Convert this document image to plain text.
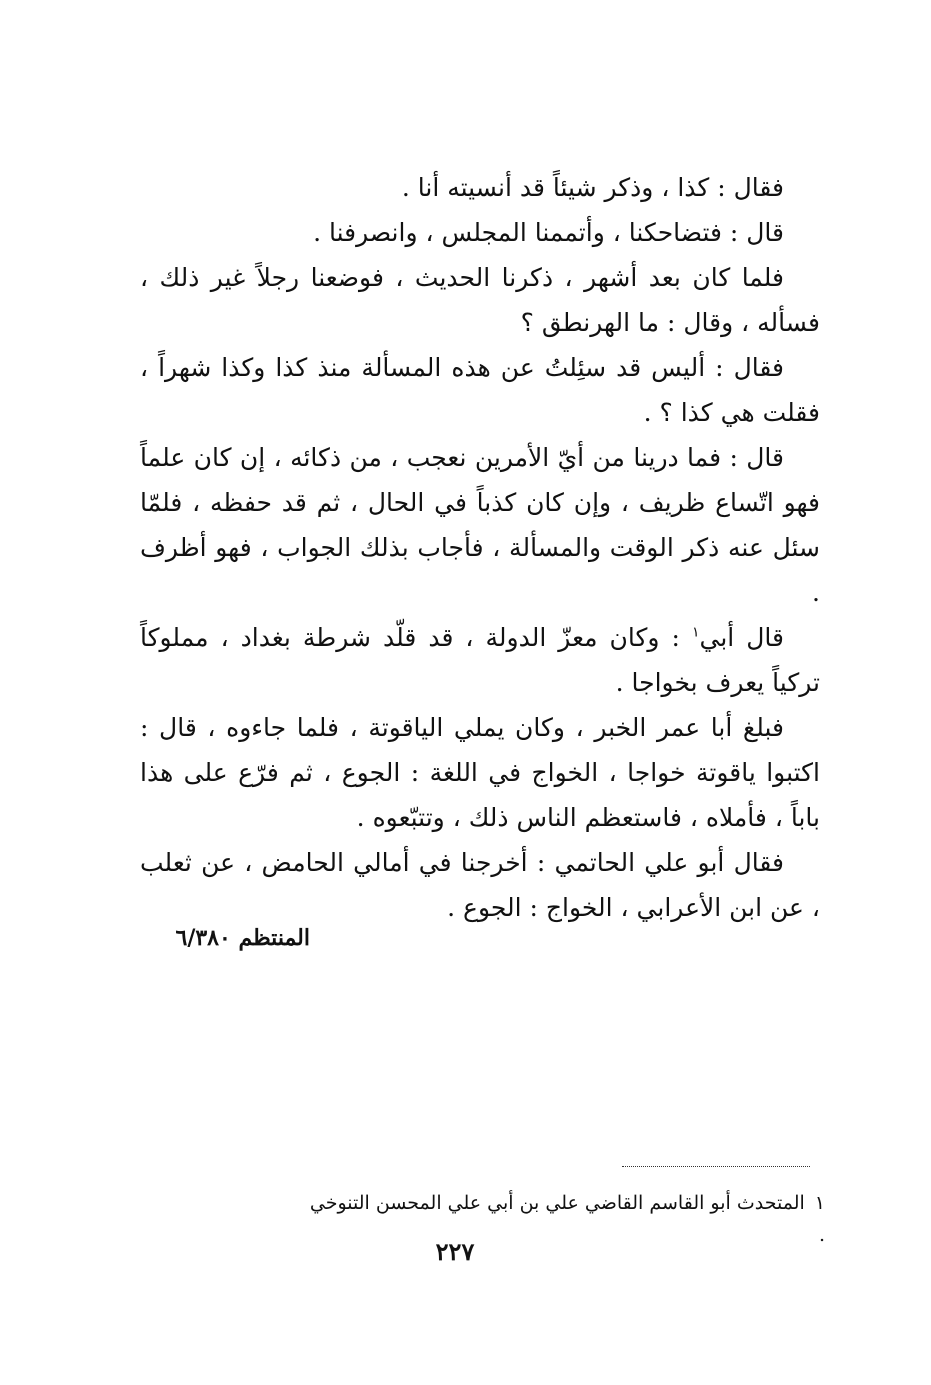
فقال : كذا ، وذكر شيئاً قد أنسيته أنا .

قال : فتضاحكنا ، وأتممنا المجلس ، وانصرفنا .

فلما كان بعد أشهر ، ذكرنا الحديث ، فوضعنا رجلاً غير ذلك ، فسأله ، وقال : ما الهرنطق ؟

فقال : أليس قد سئِلتُ عن هذه المسألة منذ كذا وكذا شهراً ، فقلت هي كذا ؟ .

قال : فما درينا من أيّ الأمرين نعجب ، من ذكائه ، إن كان علماً فهو اتّساع ظريف ، وإن كان كذباً في الحال ، ثم قد حفظه ، فلمّا سئل عنه ذكر الوقت والمسألة ، فأجاب بذلك الجواب ، فهو أظرف .

قال أبي$^١$ : وكان معزّ الدولة ، قد قلّد شرطة بغداد ، مملوكاً تركياً يعرف بخواجا .

فبلغ أبا عمر الخبر ، وكان يملي الياقوتة ، فلما جاءوه ، قال : اكتبوا ياقوتة خواجا ، الخواج في اللغة : الجوع ، ثم فرّع على هذا باباً ، فأملاه ، فاستعظم الناس ذلك ، وتتبّعوه .

فقال أبو علي الحاتمي : أخرجنا في أمالي الحامض ، عن ثعلب ، عن ابن الأعرابي ، الخواج : الجوع .

المنتظم ٦/٣٨٠
١المتحدث أبو القاسم القاضي علي بن أبي علي المحسن التنوخي .
٢٢٧
